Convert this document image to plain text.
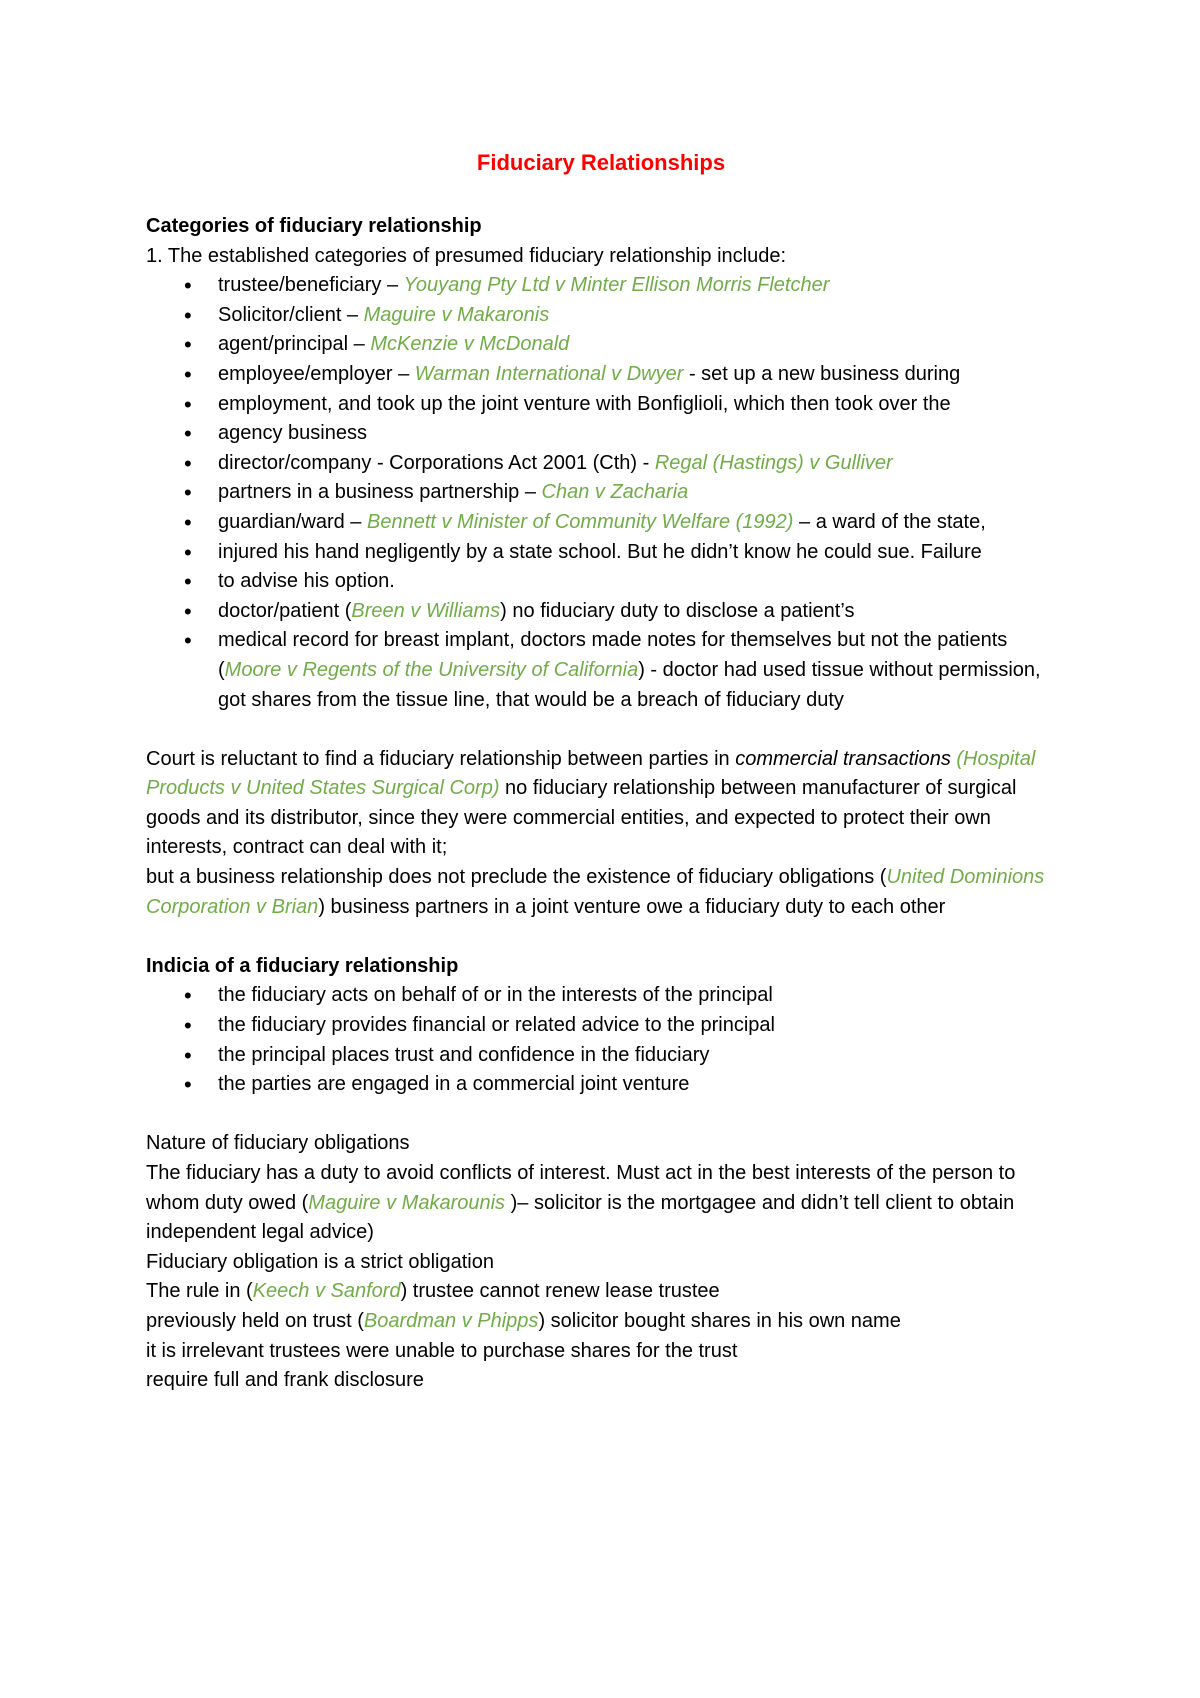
Fiduciary Relationships
Categories of fiduciary relationship
1. The established categories of presumed fiduciary relationship include:
• trustee/beneficiary – Youyang Pty Ltd v Minter Ellison Morris Fletcher
• Solicitor/client – Maguire v Makaronis
• agent/principal – McKenzie v McDonald
• employee/employer – Warman International v Dwyer - set up a new business during
• employment, and took up the joint venture with Bonfiglioli, which then took over the
• agency business
• director/company - Corporations Act 2001 (Cth) - Regal (Hastings) v Gulliver
• partners in a business partnership – Chan v Zacharia
• guardian/ward – Bennett v Minister of Community Welfare (1992) – a ward of the state,
• injured his hand negligently by a state school. But he didn’t know he could sue. Failure
• to advise his option.
• doctor/patient (Breen v Williams) no fiduciary duty to disclose a patient’s
• medical record for breast implant, doctors made notes for themselves but not the patients (Moore v Regents of the University of California) - doctor had used tissue without permission, got shares from the tissue line, that would be a breach of fiduciary duty
Court is reluctant to find a fiduciary relationship between parties in commercial transactions (Hospital Products v United States Surgical Corp) no fiduciary relationship between manufacturer of surgical goods and its distributor, since they were commercial entities, and expected to protect their own interests, contract can deal with it;
but a business relationship does not preclude the existence of fiduciary obligations (United Dominions Corporation v Brian) business partners in a joint venture owe a fiduciary duty to each other
Indicia of a fiduciary relationship
• the fiduciary acts on behalf of or in the interests of the principal
• the fiduciary provides financial or related advice to the principal
• the principal places trust and confidence in the fiduciary
• the parties are engaged in a commercial joint venture
Nature of fiduciary obligations
The fiduciary has a duty to avoid conflicts of interest. Must act in the best interests of the person to whom duty owed (Maguire v Makarounis )– solicitor is the mortgagee and didn’t tell client to obtain independent legal advice)
Fiduciary obligation is a strict obligation
The rule in (Keech v Sanford) trustee cannot renew lease trustee
previously held on trust (Boardman v Phipps) solicitor bought shares in his own name
it is irrelevant trustees were unable to purchase shares for the trust
require full and frank disclosure
